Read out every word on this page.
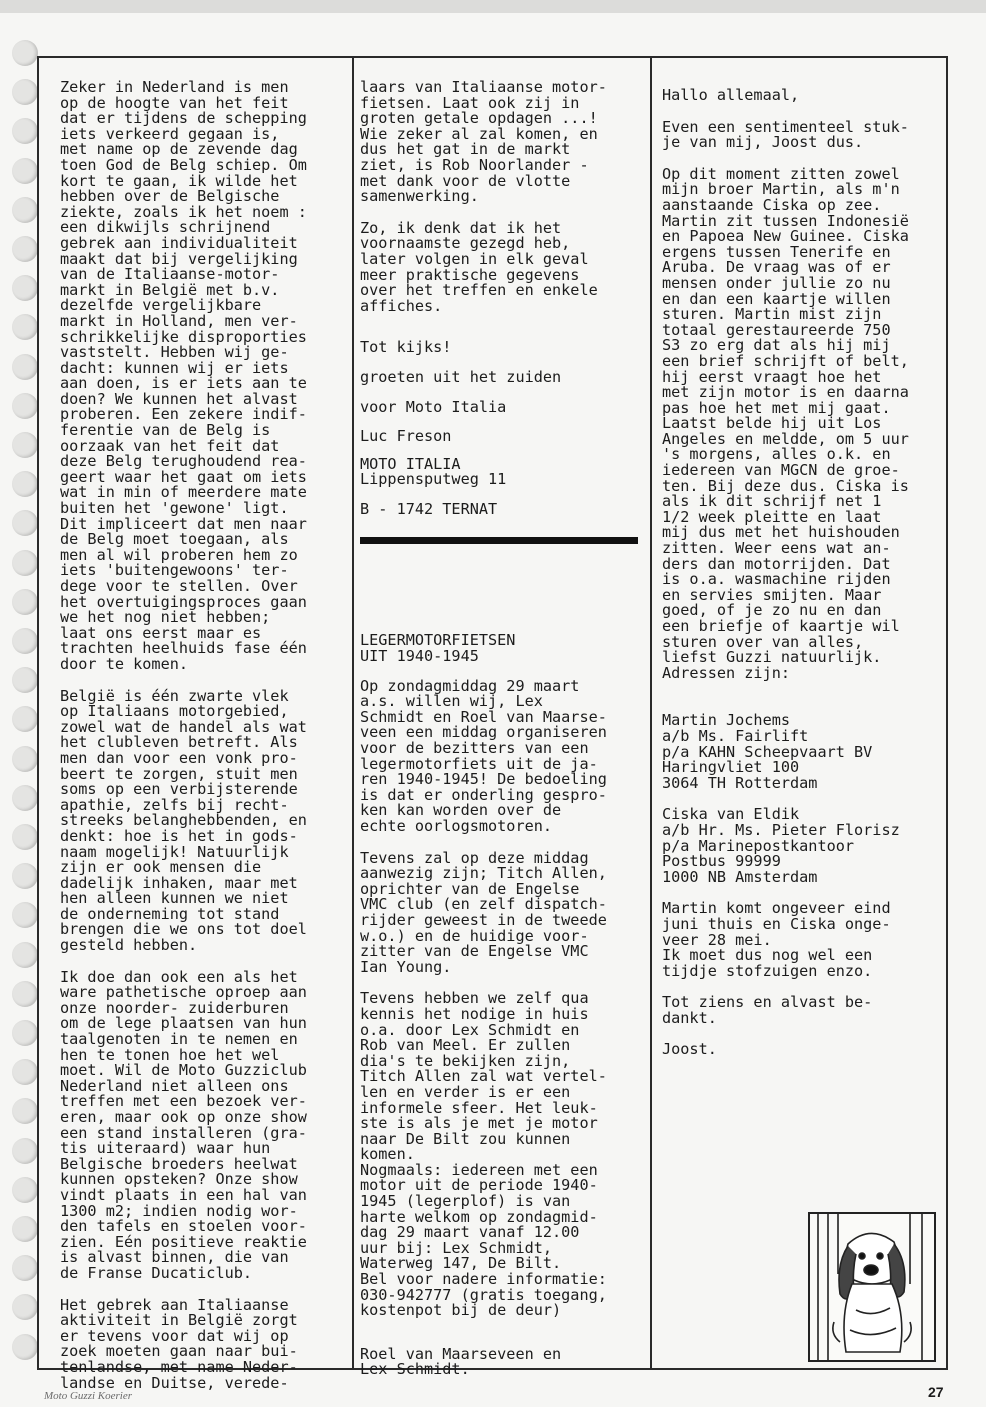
Zeker in Nederland is men
op de hoogte van het feit
dat er tijdens de schepping
iets verkeerd gegaan is,
met name op de zevende dag
toen God de Belg schiep. Om
kort te gaan, ik wilde het
hebben over de Belgische
ziekte, zoals ik het noem :
een dikwijls schrijnend
gebrek aan individualiteit
maakt dat bij vergelijking
van de Italiaanse-motor-
markt in België met b.v.
dezelfde vergelijkbare
markt in Holland, men ver-
schrikkelijke disproporties
vaststelt. Hebben wij ge-
dacht: kunnen wij er iets
aan doen, is er iets aan te
doen? We kunnen het alvast
proberen. Een zekere indif-
ferentie van de Belg is
oorzaak van het feit dat
deze Belg terughoudend rea-
geert waar het gaat om iets
wat in min of meerdere mate
buiten het 'gewone' ligt.
Dit impliceert dat men naar
de Belg moet toegaan, als
men al wil proberen hem zo
iets 'buitengewoons' ter-
dege voor te stellen. Over
het overtuigingsproces gaan
we het nog niet hebben;
laat ons eerst maar es
trachten heelhuids fase één
door te komen.

België is één zwarte vlek
op Italiaans motorgebied,
zowel wat de handel als wat
het clubleven betreft. Als
men dan voor een vonk pro-
beert te zorgen, stuit men
soms op een verbijsterende
apathie, zelfs bij recht-
streeks belanghebbenden, en
denkt: hoe is het in gods-
naam mogelijk! Natuurlijk
zijn er ook mensen die
dadelijk inhaken, maar met
hen alleen kunnen we niet
de onderneming tot stand
brengen die we ons tot doel
gesteld hebben.

Ik doe dan ook een als het
ware pathetische oproep aan
onze noorder- zuiderburen
om de lege plaatsen van hun
taalgenoten in te nemen en
hen te tonen hoe het wel
moet. Wil de Moto Guzziclub
Nederland niet alleen ons
treffen met een bezoek ver-
eren, maar ook op onze show
een stand installeren (gra-
tis uiteraard) waar hun
Belgische broeders heelwat
kunnen opsteken? Onze show
vindt plaats in een hal van
1300 m2; indien nodig wor-
den tafels en stoelen voor-
zien. Eén positieve reaktie
is alvast binnen, die van
de Franse Ducaticlub.

Het gebrek aan Italiaanse
aktiviteit in België zorgt
er tevens voor dat wij op
zoek moeten gaan naar bui-
tenlandse, met name Neder-
landse en Duitse, verede-

laars van Italiaanse motor-
fietsen. Laat ook zij in
groten getale opdagen ...!
Wie zeker al zal komen, en
dus het gat in de markt
ziet, is Rob Noorlander -
met dank voor de vlotte
samenwerking.

Zo, ik denk dat ik het
voornaamste gezegd heb,
later volgen in elk geval
meer praktische gegevens
over het treffen en enkele
affiches.

Tot kijks!

groeten uit het zuiden

voor Moto Italia

Luc Freson

MOTO ITALIA
Lippensputweg 11

B - 1742 TERNAT

LEGERMOTORFIETSEN
UIT 1940-1945

Op zondagmiddag 29 maart
a.s. willen wij, Lex
Schmidt en Roel van Maarse-
veen een middag organiseren
voor de bezitters van een
legermotorfiets uit de ja-
ren 1940-1945! De bedoeling
is dat er onderling gespro-
ken kan worden over de
echte oorlogsmotoren.

Tevens zal op deze middag
aanwezig zijn; Titch Allen,
oprichter van de Engelse
VMC club (en zelf dispatch-
rijder geweest in de tweede
w.o.) en de huidige voor-
zitter van de Engelse VMC
Ian Young.

Tevens hebben we zelf qua
kennis het nodige in huis
o.a. door Lex Schmidt en
Rob van Meel. Er zullen
dia's te bekijken zijn,
Titch Allen zal wat vertel-
len en verder is er een
informele sfeer. Het leuk-
ste is als je met je motor
naar De Bilt zou kunnen
komen.
Nogmaals: iedereen met een
motor uit de periode 1940-
1945 (legerplof) is van
harte welkom op zondagmid-
dag 29 maart vanaf 12.00
uur bij: Lex Schmidt,
Waterweg 147, De Bilt.
Bel voor nadere informatie:
030-942777 (gratis toegang,
kostenpot bij de deur)

Roel van Maarseveen en
Lex Schmidt.

Hallo allemaal,

Even een sentimenteel stuk-
je van mij, Joost dus.

Op dit moment zitten zowel
mijn broer Martin, als m'n
aanstaande Ciska op zee.
Martin zit tussen Indonesië
en Papoea New Guinee. Ciska
ergens tussen Tenerife en
Aruba. De vraag was of er
mensen onder jullie zo nu
en dan een kaartje willen
sturen. Martin mist zijn
totaal gerestaureerde 750
S3 zo erg dat als hij mij
een brief schrijft of belt,
hij eerst vraagt hoe het
met zijn motor is en daarna
pas hoe het met mij gaat.
Laatst belde hij uit Los
Angeles en meldde, om 5 uur
's morgens, alles o.k. en
iedereen van MGCN de groe-
ten. Bij deze dus. Ciska is
als ik dit schrijf net 1
1/2 week pleitte en laat
mij dus met het huishouden
zitten. Weer eens wat an-
ders dan motorrijden. Dat
is o.a. wasmachine rijden
en servies smijten. Maar
goed, of je zo nu en dan
een briefje of kaartje wil
sturen over van alles,
liefst Guzzi natuurlijk.
Adressen zijn:

Martin Jochems
a/b Ms. Fairlift
p/a KAHN Scheepvaart BV
Haringvliet 100
3064 TH Rotterdam

Ciska van Eldik
a/b Hr. Ms. Pieter Florisz
p/a Marinepostkantoor
Postbus 99999
1000 NB Amsterdam

Martin komt ongeveer eind
juni thuis en Ciska onge-
veer 28 mei.
Ik moet dus nog wel een
tijdje stofzuigen enzo.

Tot ziens en alvast be-
dankt.

Joost.

Moto Guzzi Koerier	27
